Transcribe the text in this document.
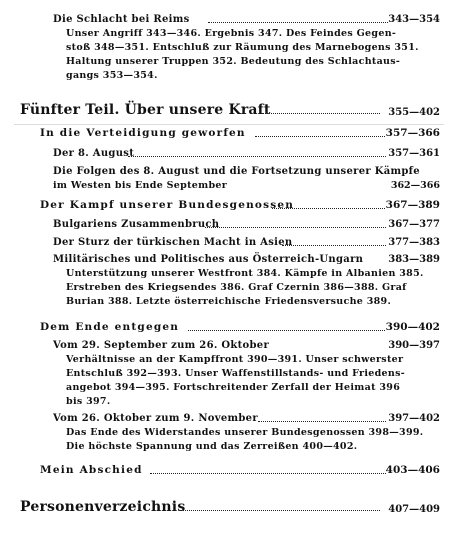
Die Schlacht bei Reims	343—354
Unser Angriff 343—346. Ergebnis 347. Des Feindes Gegen-
stoß 348—351. Entschluß zur Räumung des Marnebogens 351.
Haltung unserer Truppen 352. Bedeutung des Schlachtaus-
gangs 353—354.
Fünfter Teil. Über unsere Kraft	355—402
In die Verteidigung geworfen	357—366
Der 8. August	357—361
Die Folgen des 8. August und die Fortsetzung unserer Kämpfe
im Westen bis Ende September	362—366
Der Kampf unserer Bundesgenossen	367—389
Bulgariens Zusammenbruch	367—377
Der Sturz der türkischen Macht in Asien	377—383
Militärisches und Politisches aus Österreich-Ungarn	383—389
Unterstützung unserer Westfront 384. Kämpfe in Albanien 385.
Erstreben des Kriegsendes 386. Graf Czernin 386—388. Graf
Burian 388. Letzte österreichische Friedensversuche 389.
Dem Ende entgegen	390—402
Vom 29. September zum 26. Oktober	390—397
Verhältnisse an der Kampffront 390—391. Unser schwerster
Entschluß 392—393. Unser Waffenstillstands- und Friedens-
angebot 394—395. Fortschreitender Zerfall der Heimat 396
bis 397.
Vom 26. Oktober zum 9. November	397—402
Das Ende des Widerstandes unserer Bundesgenossen 398—399.
Die höchste Spannung und das Zerreißen 400—402.
Mein Abschied	403—406
Personenverzeichnis	407—409
